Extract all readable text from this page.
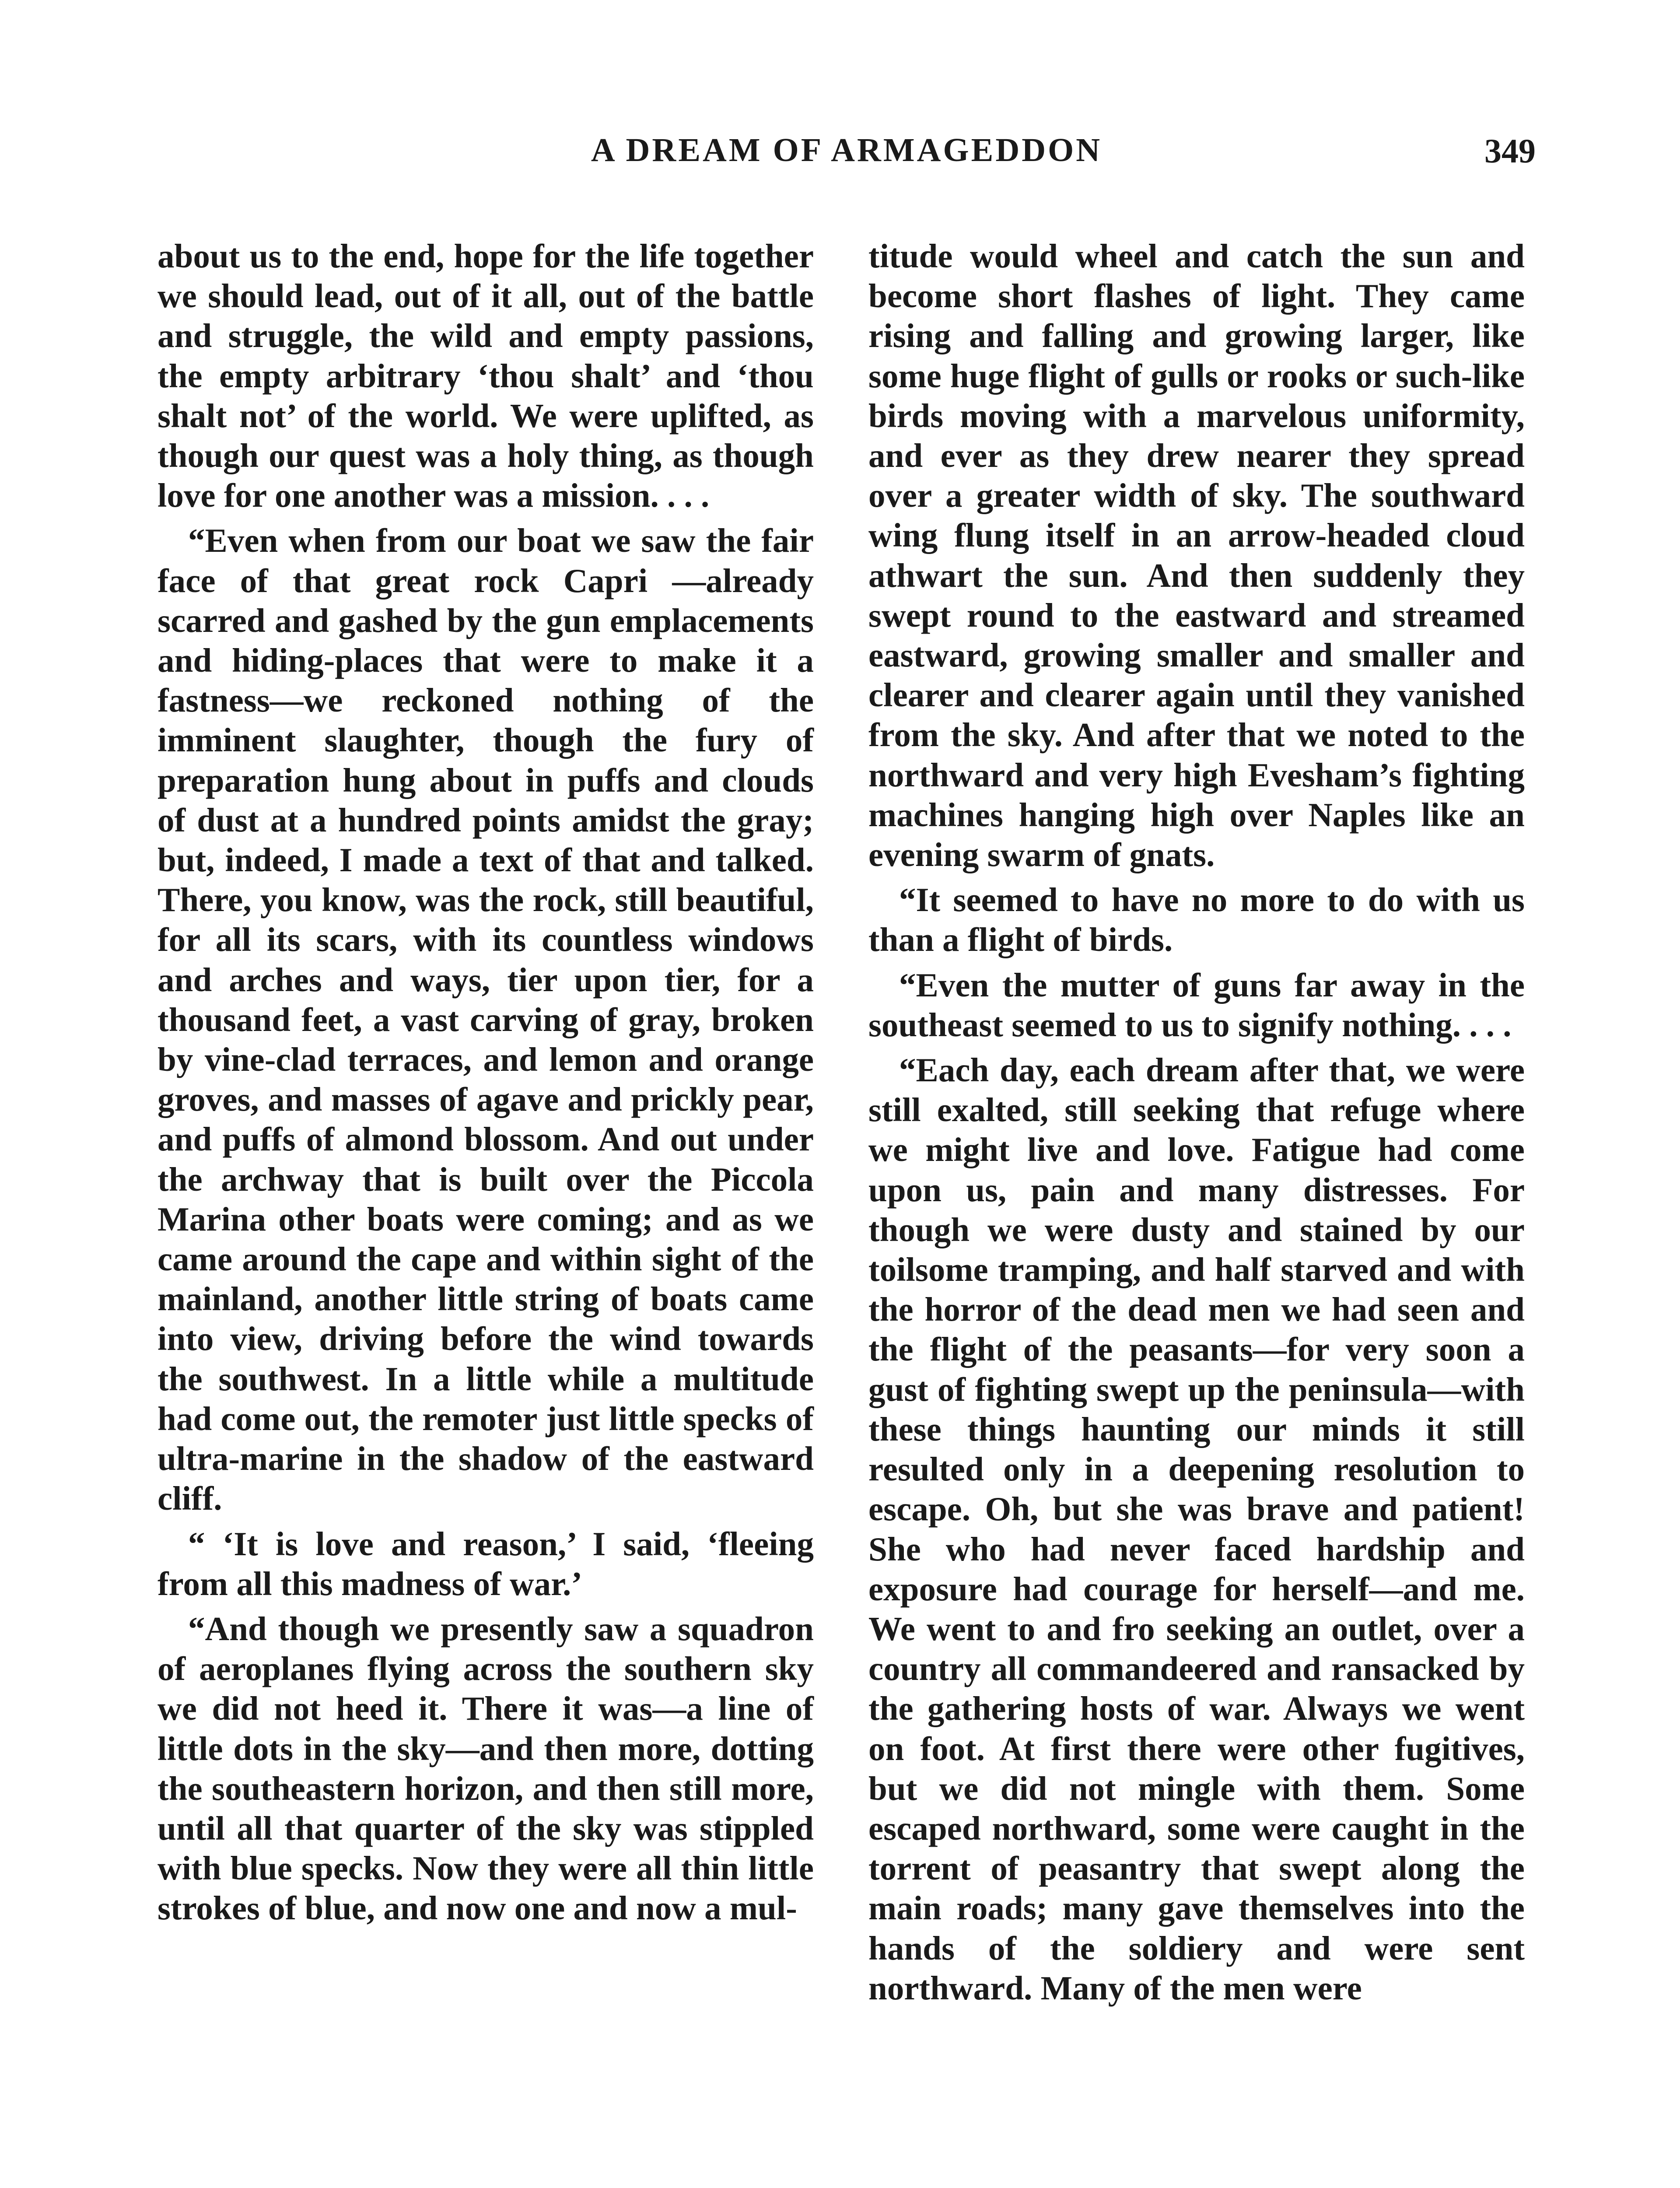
A DREAM OF ARMAGEDDON	349

about us to the end, hope for the life together we should lead, out of it all, out of the battle and struggle, the wild and empty passions, the empty arbitrary ‘thou shalt’ and ‘thou shalt not’ of the world. We were uplifted, as though our quest was a holy thing, as though love for one another was a mission. . . .

“Even when from our boat we saw the fair face of that great rock Capri —already scarred and gashed by the gun emplacements and hiding-places that were to make it a fastness—we reckoned nothing of the imminent slaughter, though the fury of preparation hung about in puffs and clouds of dust at a hundred points amidst the gray; but, indeed, I made a text of that and talked. There, you know, was the rock, still beautiful, for all its scars, with its countless windows and arches and ways, tier upon tier, for a thousand feet, a vast carving of gray, broken by vine-clad terraces, and lemon and orange groves, and masses of agave and prickly pear, and puffs of almond blossom. And out under the archway that is built over the Piccola Marina other boats were coming; and as we came around the cape and within sight of the mainland, another little string of boats came into view, driving before the wind towards the southwest. In a little while a multitude had come out, the remoter just little specks of ultra-marine in the shadow of the eastward cliff.

“ ‘It is love and reason,’ I said, ‘fleeing from all this madness of war.’

“And though we presently saw a squadron of aeroplanes flying across the southern sky we did not heed it. There it was—a line of little dots in the sky—and then more, dotting the southeastern horizon, and then still more, until all that quarter of the sky was stippled with blue specks. Now they were all thin little strokes of blue, and now one and now a mul-

titude would wheel and catch the sun and become short flashes of light. They came rising and falling and growing larger, like some huge flight of gulls or rooks or such-like birds moving with a marvelous uniformity, and ever as they drew nearer they spread over a greater width of sky. The southward wing flung itself in an arrow-headed cloud athwart the sun. And then suddenly they swept round to the eastward and streamed eastward, growing smaller and smaller and clearer and clearer again until they vanished from the sky. And after that we noted to the northward and very high Evesham’s fighting machines hanging high over Naples like an evening swarm of gnats.

“It seemed to have no more to do with us than a flight of birds.

“Even the mutter of guns far away in the southeast seemed to us to signify nothing. . . .

“Each day, each dream after that, we were still exalted, still seeking that refuge where we might live and love. Fatigue had come upon us, pain and many distresses. For though we were dusty and stained by our toilsome tramping, and half starved and with the horror of the dead men we had seen and the flight of the peasants—for very soon a gust of fighting swept up the peninsula—with these things haunting our minds it still resulted only in a deepening resolution to escape. Oh, but she was brave and patient! She who had never faced hardship and exposure had courage for herself—and me. We went to and fro seeking an outlet, over a country all commandeered and ransacked by the gathering hosts of war. Always we went on foot. At first there were other fugitives, but we did not mingle with them. Some escaped northward, some were caught in the torrent of peasantry that swept along the main roads; many gave themselves into the hands of the soldiery and were sent northward. Many of the men were
